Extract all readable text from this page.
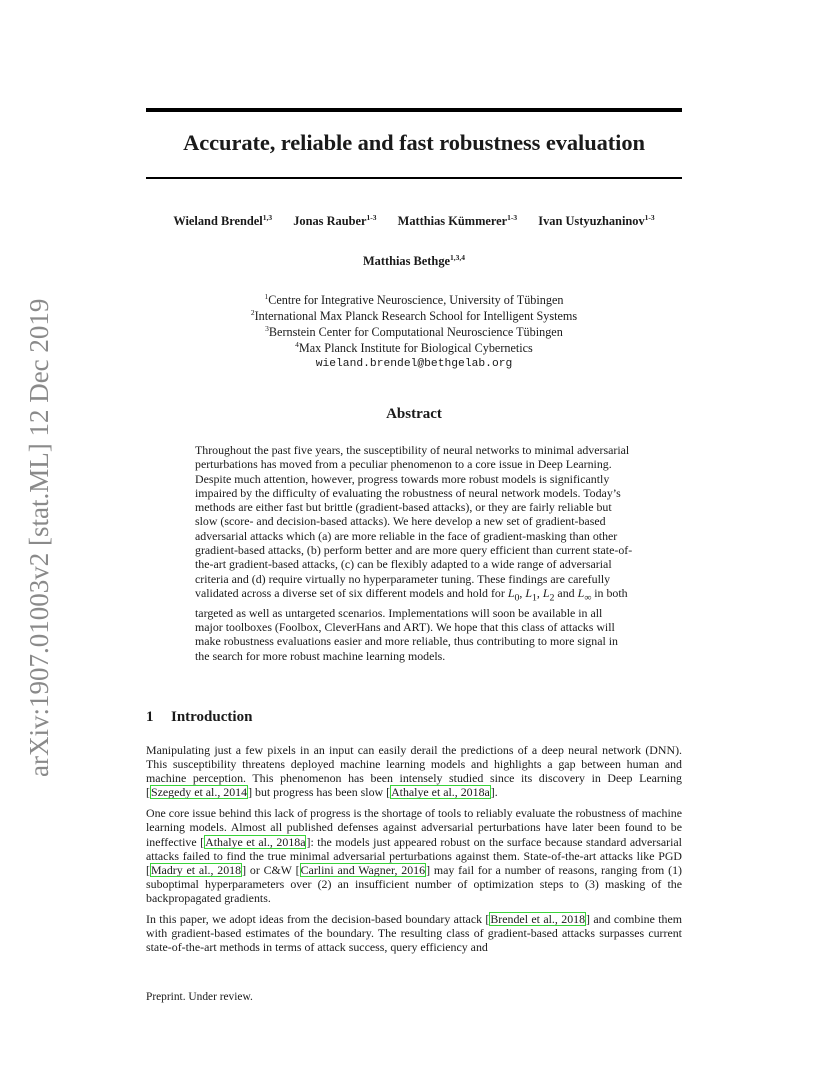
arXiv:1907.01003v2 [stat.ML] 12 Dec 2019
Accurate, reliable and fast robustness evaluation
Wieland Brendel$^{1,3}$ Jonas Rauber$^{1-3}$ Matthias Kümmerer$^{1-3}$ Ivan Ustyuzhaninov$^{1-3}$
Matthias Bethge$^{1,3,4}$
$^1$Centre for Integrative Neuroscience, University of Tübingen
$^2$International Max Planck Research School for Intelligent Systems
$^3$Bernstein Center for Computational Neuroscience Tübingen
$^4$Max Planck Institute for Biological Cybernetics
wieland.brendel@bethgelab.org
Abstract

Throughout the past five years, the susceptibility of neural networks to minimal adversarial perturbations has moved from a peculiar phenomenon to a core issue in Deep Learning. Despite much attention, however, progress towards more robust models is significantly impaired by the difficulty of evaluating the robustness of neural network models. Today’s methods are either fast but brittle (gradient-based attacks), or they are fairly reliable but slow (score- and decision-based attacks). We here develop a new set of gradient-based adversarial attacks which (a) are more reliable in the face of gradient-masking than other gradient-based attacks, (b) perform better and are more query efficient than current state-of-the-art gradient-based attacks, (c) can be flexibly adapted to a wide range of adversarial criteria and (d) require virtually no hyperparameter tuning. These findings are carefully validated across a diverse set of six different models and hold for $L_0$, $L_1$, $L_2$ and $L_\infty$ in both targeted as well as untargeted scenarios. Implementations will soon be available in all major toolboxes (Foolbox, CleverHans and ART). We hope that this class of attacks will make robustness evaluations easier and more reliable, thus contributing to more signal in the search for more robust machine learning models.

1 Introduction

Manipulating just a few pixels in an input can easily derail the predictions of a deep neural network (DNN). This susceptibility threatens deployed machine learning models and highlights a gap between human and machine perception. This phenomenon has been intensely studied since its discovery in Deep Learning [Szegedy et al., 2014] but progress has been slow [Athalye et al., 2018a].

One core issue behind this lack of progress is the shortage of tools to reliably evaluate the robustness of machine learning models. Almost all published defenses against adversarial perturbations have later been found to be ineffective [Athalye et al., 2018a]: the models just appeared robust on the surface because standard adversarial attacks failed to find the true minimal adversarial perturbations against them. State-of-the-art attacks like PGD [Madry et al., 2018] or C&W [Carlini and Wagner, 2016] may fail for a number of reasons, ranging from (1) suboptimal hyperparameters over (2) an insufficient number of optimization steps to (3) masking of the backpropagated gradients.

In this paper, we adopt ideas from the decision-based boundary attack [Brendel et al., 2018] and combine them with gradient-based estimates of the boundary. The resulting class of gradient-based attacks surpasses current state-of-the-art methods in terms of attack success, query efficiency and

Preprint. Under review.
